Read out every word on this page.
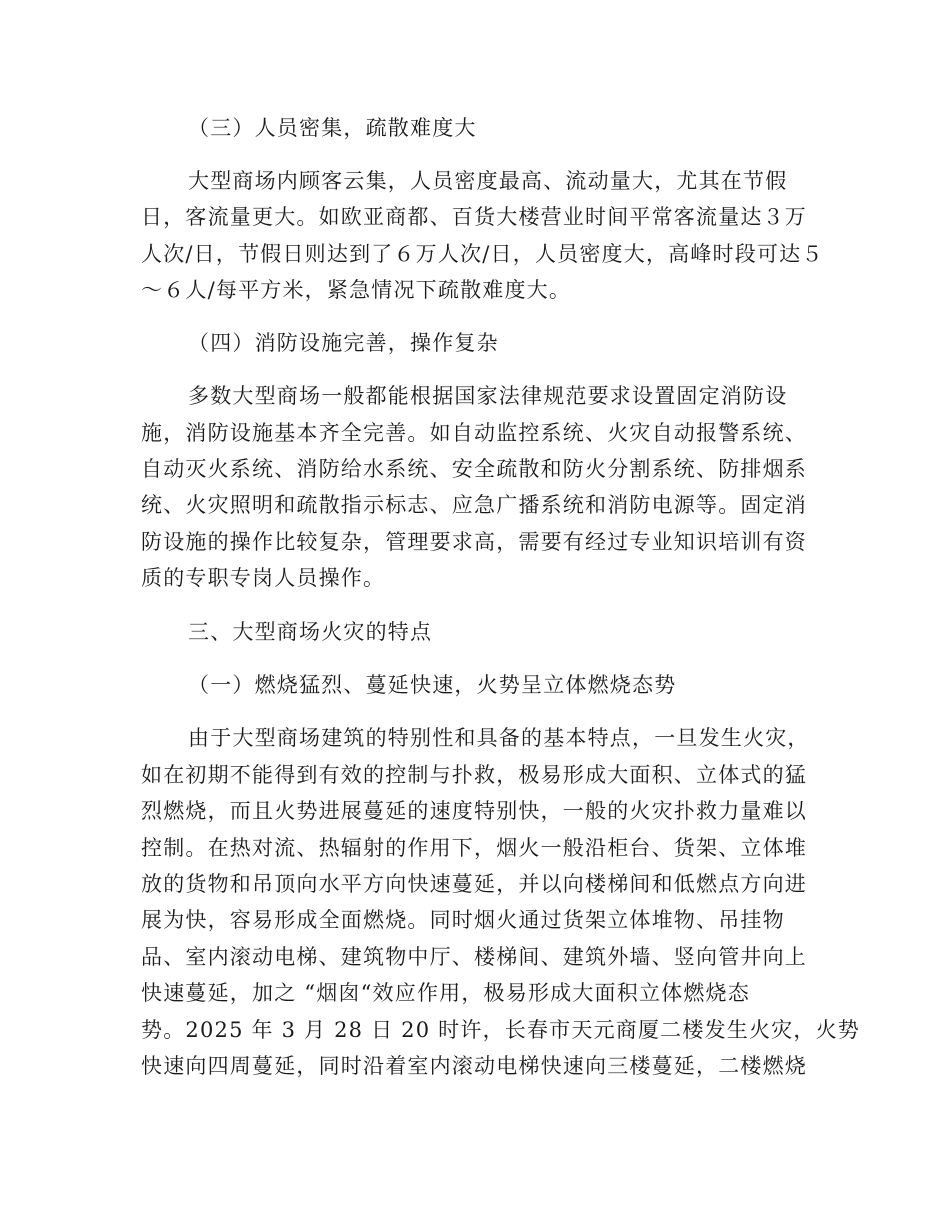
（三）人员密集，疏散难度大
大型商场内顾客云集，人员密度最高、流动量大，尤其在节假
日，客流量更大。如欧亚商都、百货大楼营业时间平常客流量达３万
人次/日，节假日则达到了６万人次/日，人员密度大，高峰时段可达５
～６人/每平方米，紧急情况下疏散难度大。
（四）消防设施完善，操作复杂
多数大型商场一般都能根据国家法律规范要求设置固定消防设
施，消防设施基本齐全完善。如自动监控系统、火灾自动报警系统、
自动灭火系统、消防给水系统、安全疏散和防火分割系统、防排烟系
统、火灾照明和疏散指示标志、应急广播系统和消防电源等。固定消
防设施的操作比较复杂，管理要求高，需要有经过专业知识培训有资
质的专职专岗人员操作。
三、大型商场火灾的特点
（一）燃烧猛烈、蔓延快速，火势呈立体燃烧态势
由于大型商场建筑的特别性和具备的基本特点，一旦发生火灾，
如在初期不能得到有效的控制与扑救，极易形成大面积、立体式的猛
烈燃烧，而且火势进展蔓延的速度特别快，一般的火灾扑救力量难以
控制。在热对流、热辐射的作用下，烟火一般沿柜台、货架、立体堆
放的货物和吊顶向水平方向快速蔓延，并以向楼梯间和低燃点方向进
展为快，容易形成全面燃烧。同时烟火通过货架立体堆物、吊挂物
品、室内滚动电梯、建筑物中厅、楼梯间、建筑外墙、竖向管井向上
快速蔓延，加之 “烟囱“效应作用，极易形成大面积立体燃烧态
势。2025 年 3 月 28 日 20 时许，长春市天元商厦二楼发生火灾，火势
快速向四周蔓延，同时沿着室内滚动电梯快速向三楼蔓延，二楼燃烧
